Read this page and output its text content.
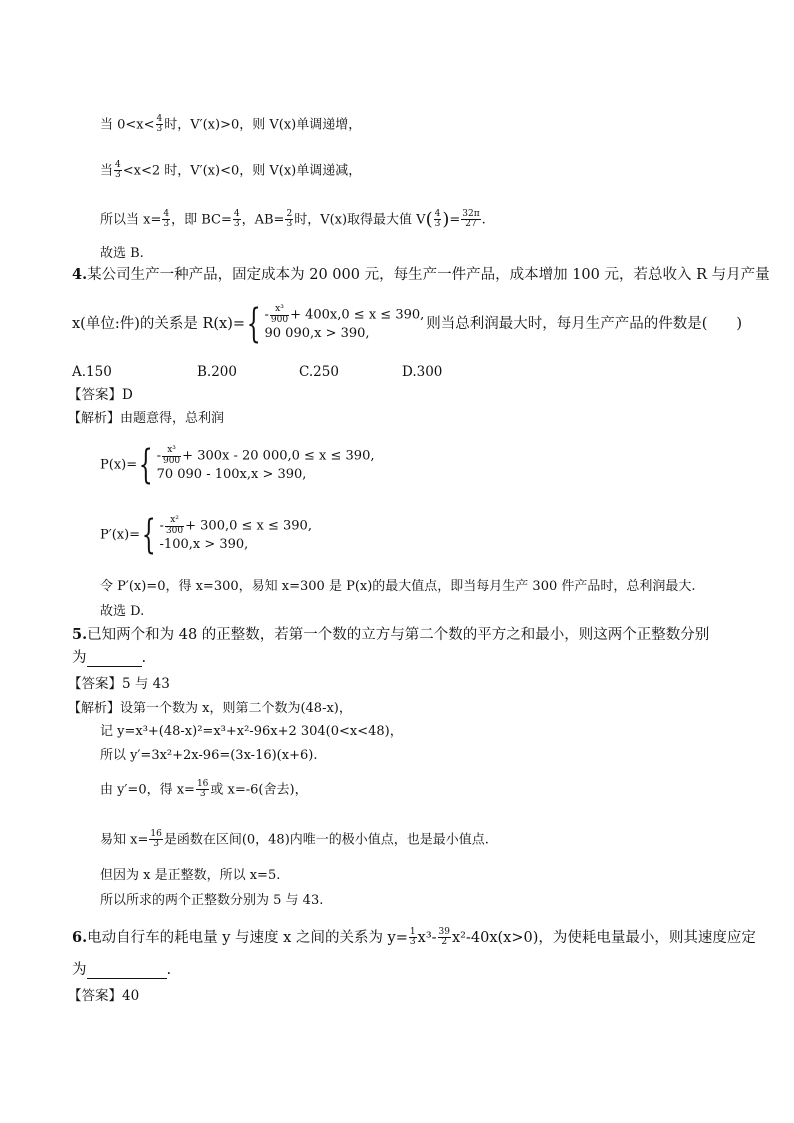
当 $0<x< \frac{4}{3}$ 时，V′(x)>0，则 V(x)单调递增，
当 $\frac{4}{3} <x<2$ 时，V′(x)<0，则 V(x)单调递减，
所以当 $x= \frac{4}{3}$ ，即 $BC= \frac{4}{3}$ ，$AB= \frac{2}{3}$ 时，V(x)取得最大值 $V( \frac{4}{3}$ )= $\frac{32\pi}{27}$ .
故选 B.
4.某公司生产一种产品，固定成本为 20 000 元，每生产一件产品，成本增加 100 元，若总收入 R 与月产量
x(单位:件)的关系是 $R(x)=\{ - \frac{\text{x³}}{900} + 400x,0 \le x \le 390$,
90 090,x > 390,
则当总利润最大时，每月生产产品的件数是(　　)
A.150	B.200	C.250	D.300
【答案】D
【解析】由题意得，总利润
$P(x)=\{ - \frac{\text{x³}}{900} + 300x - 20$ 000,0 ≤ x ≤ 390,
70 090 - 100x,x > 390,
$P'(x)=\{ - \frac{\text{x²}}{300} + 300,0 \le x \le 390$,
-100,x > 390,
令 P′(x)=0，得 x=300，易知 x=300 是 P(x)的最大值点，即当每月生产 300 件产品时，总利润最大.
故选 D.
5.已知两个和为 48 的正整数，若第一个数的立方与第二个数的平方之和最小，则这两个正整数分别
为	.
【答案】5 与 43
【解析】设第一个数为 x，则第二个数为(48-x)，
记 y=x³+(48-x)²=x³+x²-96x+2 304(0<x<48)，
所以 y′=3x²+2x-96=(3x-16)(x+6).
由 y′=0，得 $x= \frac{16}{3}$ 或 x=-6(舍去)，
易知 $x= \frac{16}{3}$ 是函数在区间(0，48)内唯一的极小值点，也是最小值点.
但因为 x 是正整数，所以 x=5.
所以所求的两个正整数分别为 5 与 43.
6.电动自行车的耗电量 y 与速度 x 之间的关系为 $y= \frac{1}{3} x^3- \frac{39}{2} x^2-40x(x>0)$，为使耗电量最小，则其速度应定
为	.
【答案】40
